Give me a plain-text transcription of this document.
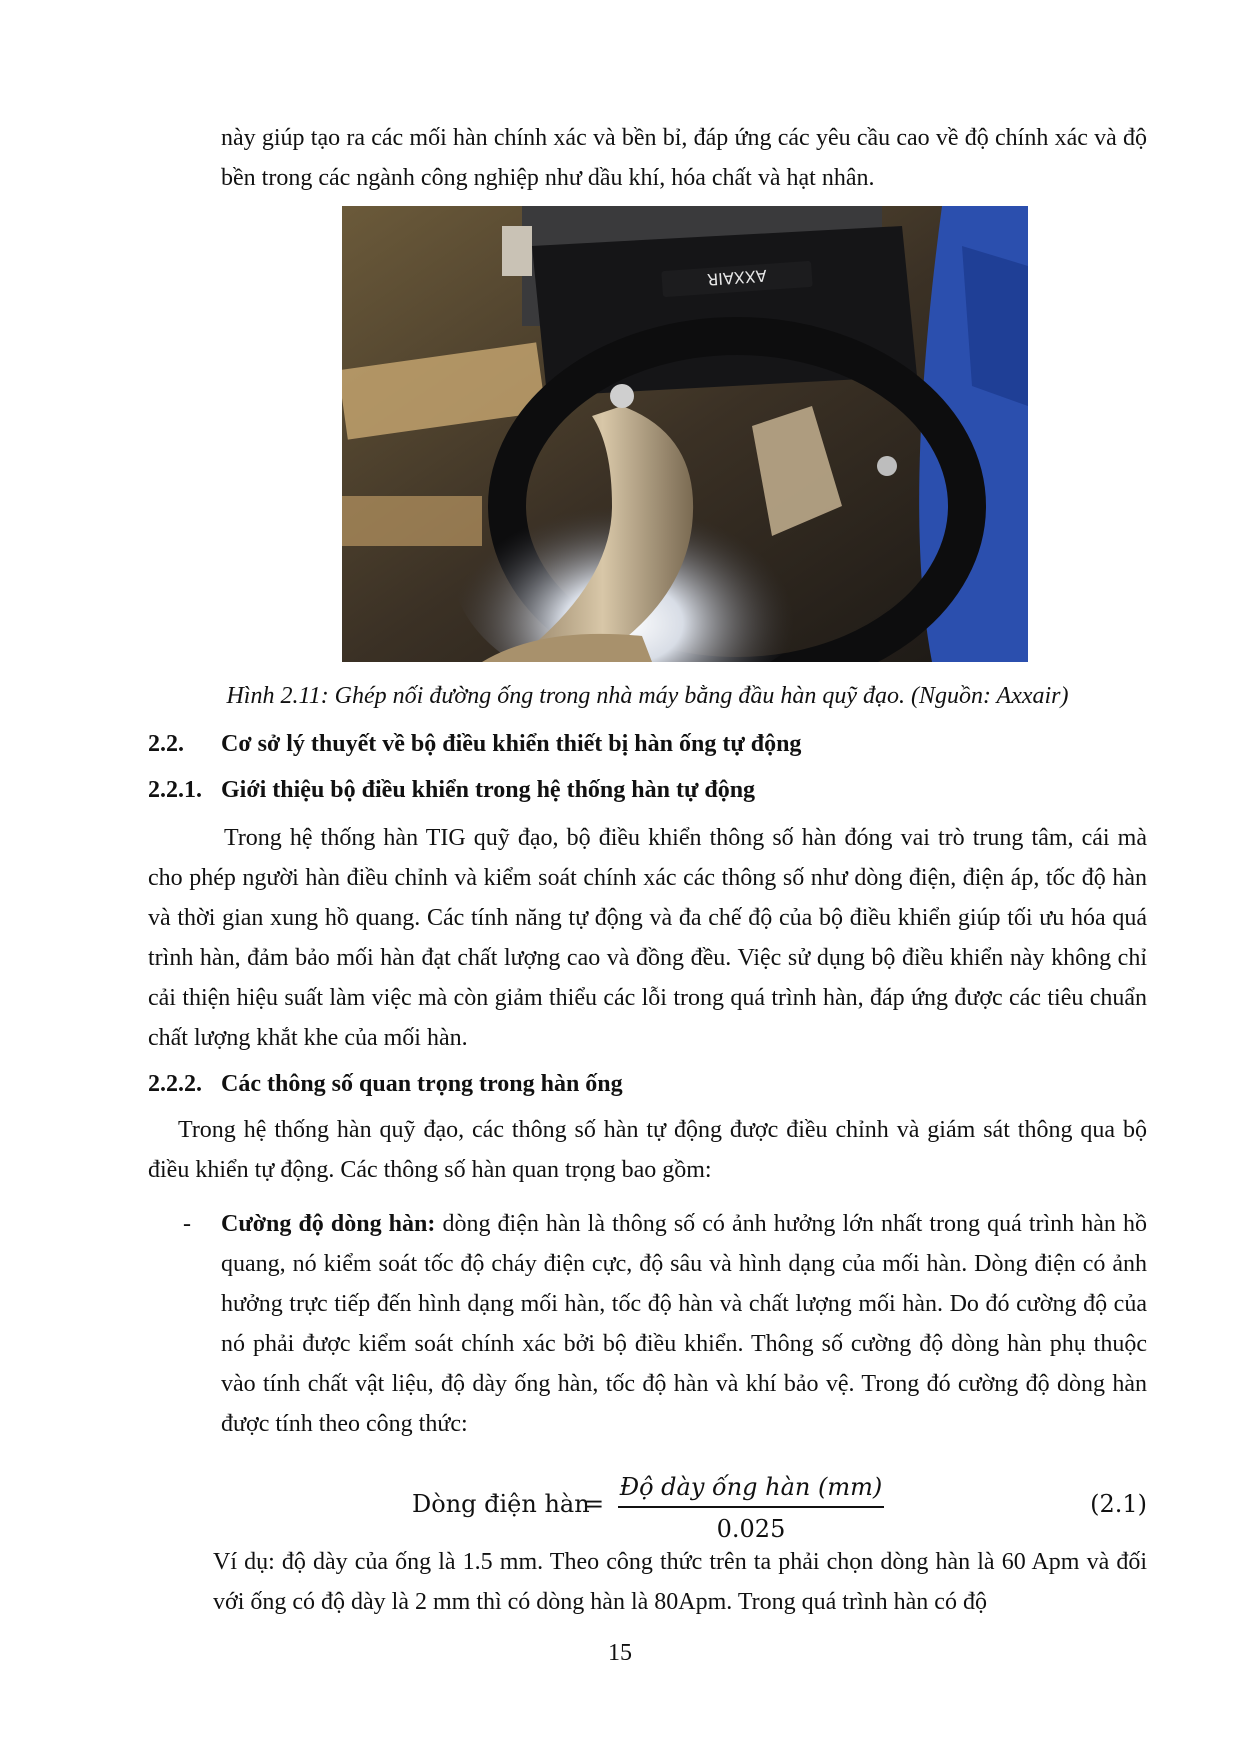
này giúp tạo ra các mối hàn chính xác và bền bỉ, đáp ứng các yêu cầu cao về độ chính xác và độ bền trong các ngành công nghiệp như dầu khí, hóa chất và hạt nhân.

AXXAIR

Hình 2.11: Ghép nối đường ống trong nhà máy bằng đầu hàn quỹ đạo. (Nguồn: Axxair)

2.2. Cơ sở lý thuyết về bộ điều khiển thiết bị hàn ống tự động

2.2.1. Giới thiệu bộ điều khiển trong hệ thống hàn tự động

Trong hệ thống hàn TIG quỹ đạo, bộ điều khiển thông số hàn đóng vai trò trung tâm, cái mà cho phép người hàn điều chỉnh và kiểm soát chính xác các thông số như dòng điện, điện áp, tốc độ hàn và thời gian xung hồ quang. Các tính năng tự động và đa chế độ của bộ điều khiển giúp tối ưu hóa quá trình hàn, đảm bảo mối hàn đạt chất lượng cao và đồng đều. Việc sử dụng bộ điều khiển này không chỉ cải thiện hiệu suất làm việc mà còn giảm thiểu các lỗi trong quá trình hàn, đáp ứng được các tiêu chuẩn chất lượng khắt khe của mối hàn.

2.2.2. Các thông số quan trọng trong hàn ống

Trong hệ thống hàn quỹ đạo, các thông số hàn tự động được điều chỉnh và giám sát thông qua bộ điều khiển tự động. Các thông số hàn quan trọng bao gồm:

- Cường độ dòng hàn: dòng điện hàn là thông số có ảnh hưởng lớn nhất trong quá trình hàn hồ quang, nó kiểm soát tốc độ cháy điện cực, độ sâu và hình dạng của mối hàn. Dòng điện có ảnh hưởng trực tiếp đến hình dạng mối hàn, tốc độ hàn và chất lượng mối hàn. Do đó cường độ của nó phải được kiểm soát chính xác bởi bộ điều khiển. Thông số cường độ dòng hàn phụ thuộc vào tính chất vật liệu, độ dày ống hàn, tốc độ hàn và khí bảo vệ. Trong đó cường độ dòng hàn được tính theo công thức:

Dòng điện hàn
=
Độ dày ống hàn (mm)
0.025
(2.1)

Ví dụ: độ dày của ống là 1.5 mm. Theo công thức trên ta phải chọn dòng hàn là 60 Apm và đối với ống có độ dày là 2 mm thì có dòng hàn là 80Apm. Trong quá trình hàn có độ

15
